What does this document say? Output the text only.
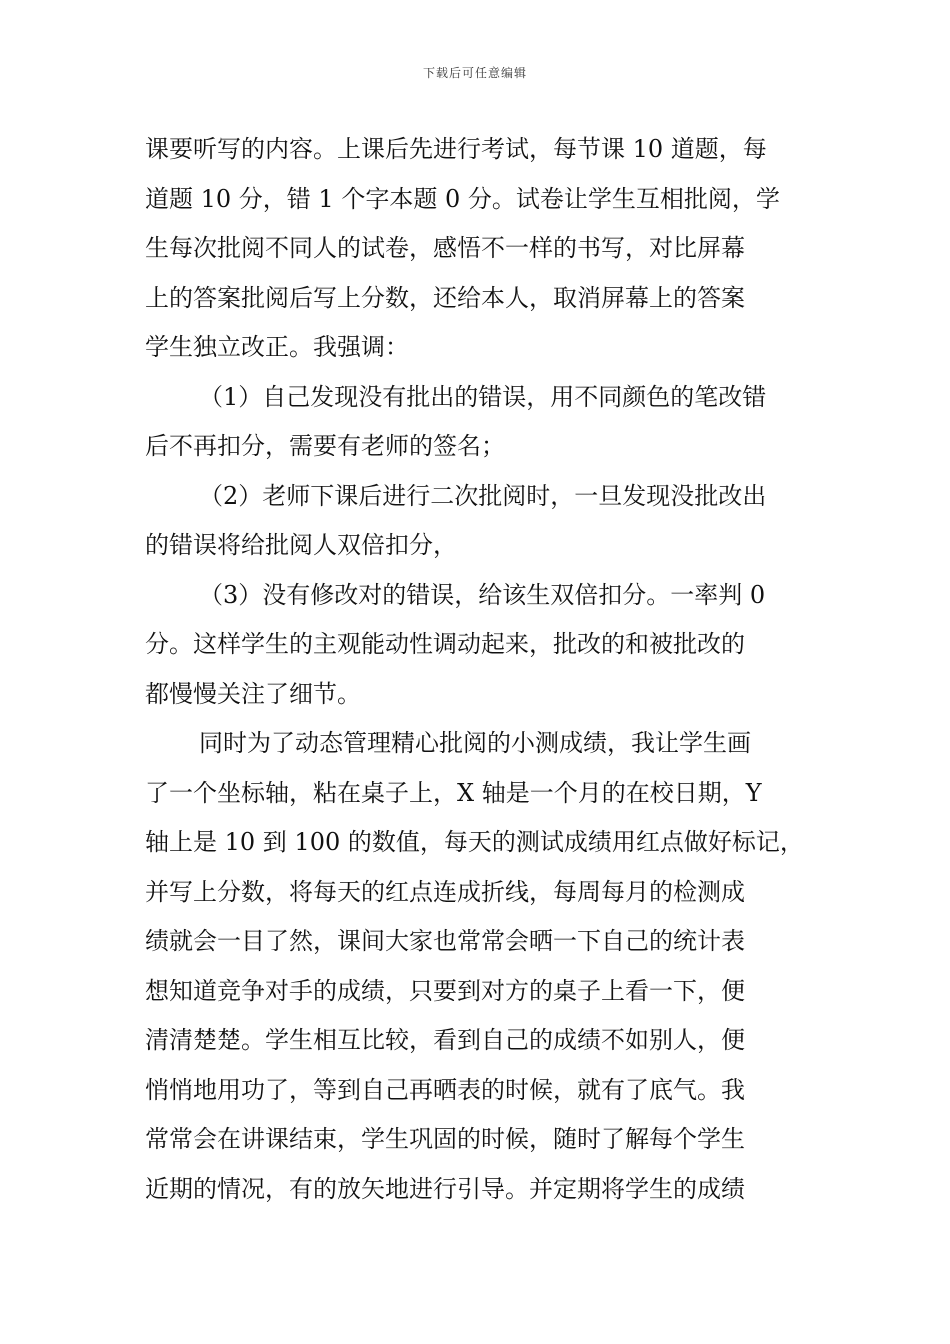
下载后可任意编辑
课要听写的内容。上课后先进行考试，每节课 10 道题，每
道题 10 分，错 1 个字本题 0 分。试卷让学生互相批阅，学
生每次批阅不同人的试卷，感悟不一样的书写，对比屏幕
上的答案批阅后写上分数，还给本人，取消屏幕上的答案
学生独立改正。我强调：
（1）自己发现没有批出的错误，用不同颜色的笔改错
后不再扣分，需要有老师的签名；
（2）老师下课后进行二次批阅时，一旦发现没批改出
的错误将给批阅人双倍扣分，
（3）没有修改对的错误，给该生双倍扣分。一率判 0
分。这样学生的主观能动性调动起来，批改的和被批改的
都慢慢关注了细节。
同时为了动态管理精心批阅的小测成绩，我让学生画
了一个坐标轴，粘在桌子上，X 轴是一个月的在校日期，Y
轴上是 10 到 100 的数值，每天的测试成绩用红点做好标记，
并写上分数，将每天的红点连成折线，每周每月的检测成
绩就会一目了然，课间大家也常常会晒一下自己的统计表
想知道竞争对手的成绩，只要到对方的桌子上看一下，便
清清楚楚。学生相互比较，看到自己的成绩不如别人，便
悄悄地用功了，等到自己再晒表的时候，就有了底气。我
常常会在讲课结束，学生巩固的时候，随时了解每个学生
近期的情况，有的放矢地进行引导。并定期将学生的成绩
